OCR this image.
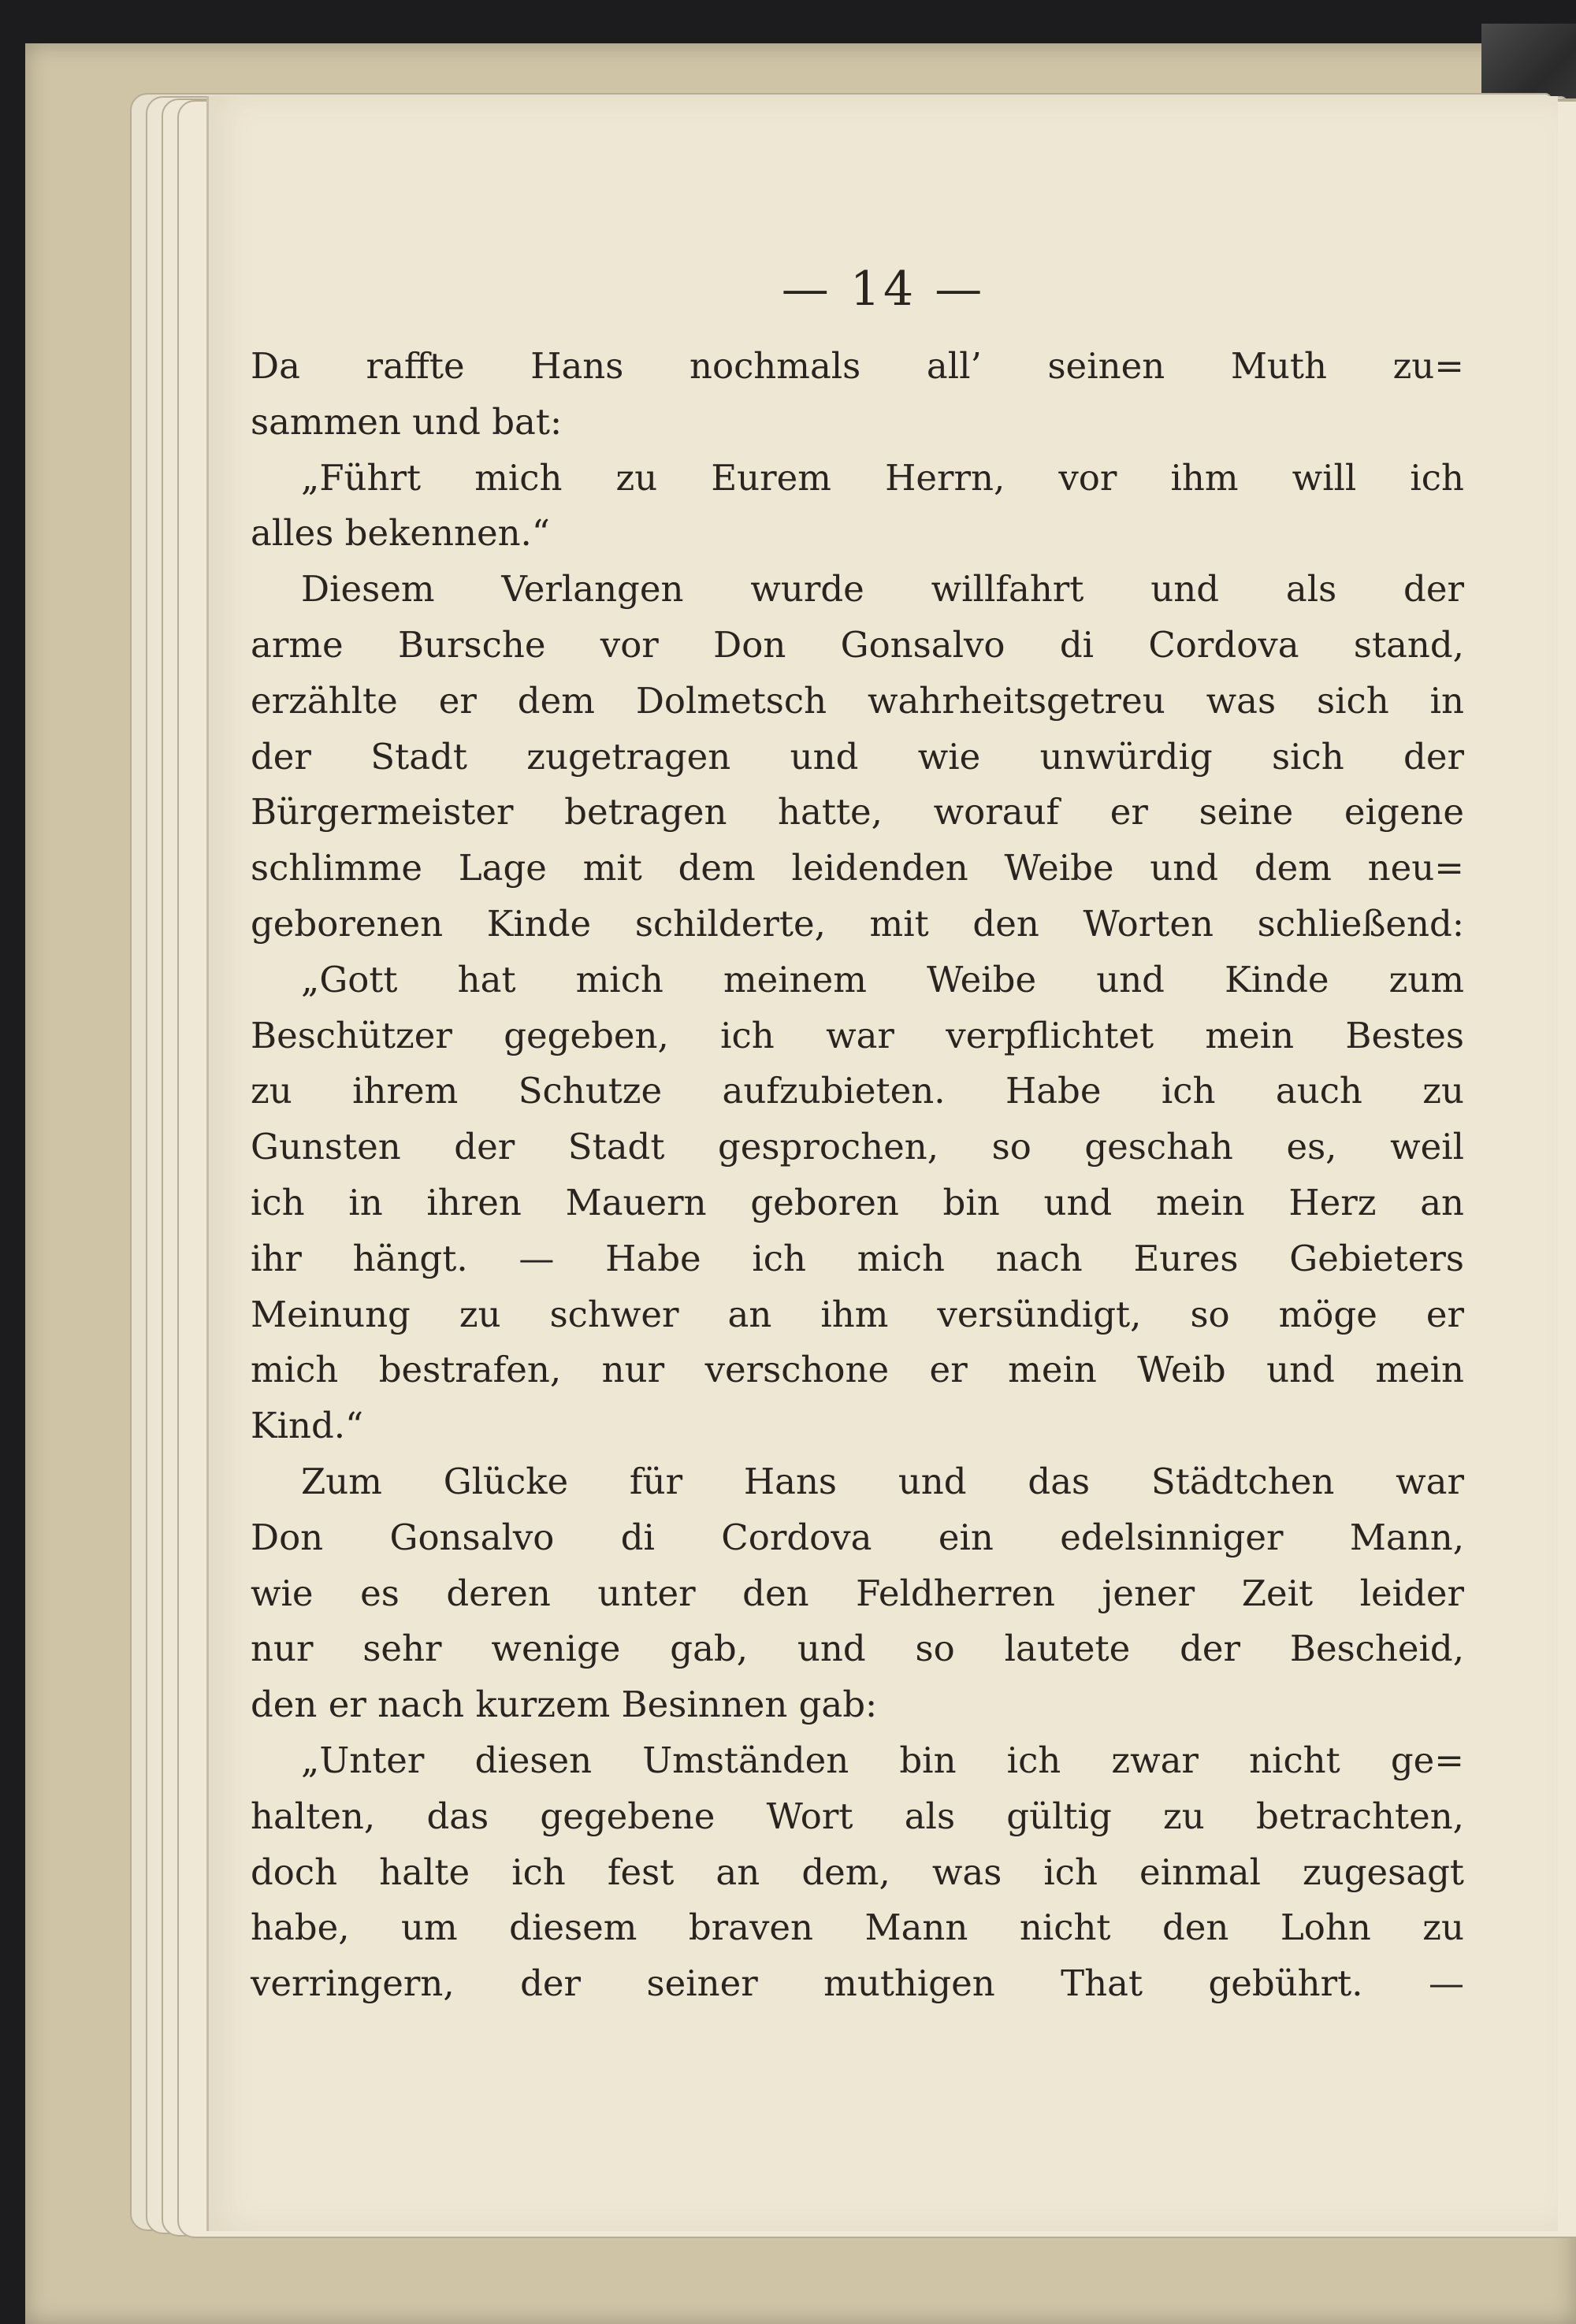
— 14 —
Da raffte Hans nochmals all’ seinen Muth zu=
sammen und bat:
„Führt mich zu Eurem Herrn, vor ihm will ich
alles bekennen.“
Diesem Verlangen wurde willfahrt und als der
arme Bursche vor Don Gonsalvo di Cordova stand,
erzählte er dem Dolmetsch wahrheitsgetreu was sich in
der Stadt zugetragen und wie unwürdig sich der
Bürgermeister betragen hatte, worauf er seine eigene
schlimme Lage mit dem leidenden Weibe und dem neu=
geborenen Kinde schilderte, mit den Worten schließend:
„Gott hat mich meinem Weibe und Kinde zum
Beschützer gegeben, ich war verpflichtet mein Bestes
zu ihrem Schutze aufzubieten. Habe ich auch zu
Gunsten der Stadt gesprochen, so geschah es, weil
ich in ihren Mauern geboren bin und mein Herz an
ihr hängt. — Habe ich mich nach Eures Gebieters
Meinung zu schwer an ihm versündigt, so möge er
mich bestrafen, nur verschone er mein Weib und mein
Kind.“
Zum Glücke für Hans und das Städtchen war
Don Gonsalvo di Cordova ein edelsinniger Mann,
wie es deren unter den Feldherren jener Zeit leider
nur sehr wenige gab, und so lautete der Bescheid,
den er nach kurzem Besinnen gab:
„Unter diesen Umständen bin ich zwar nicht ge=
halten, das gegebene Wort als gültig zu betrachten,
doch halte ich fest an dem, was ich einmal zugesagt
habe, um diesem braven Mann nicht den Lohn zu
verringern, der seiner muthigen That gebührt. —
